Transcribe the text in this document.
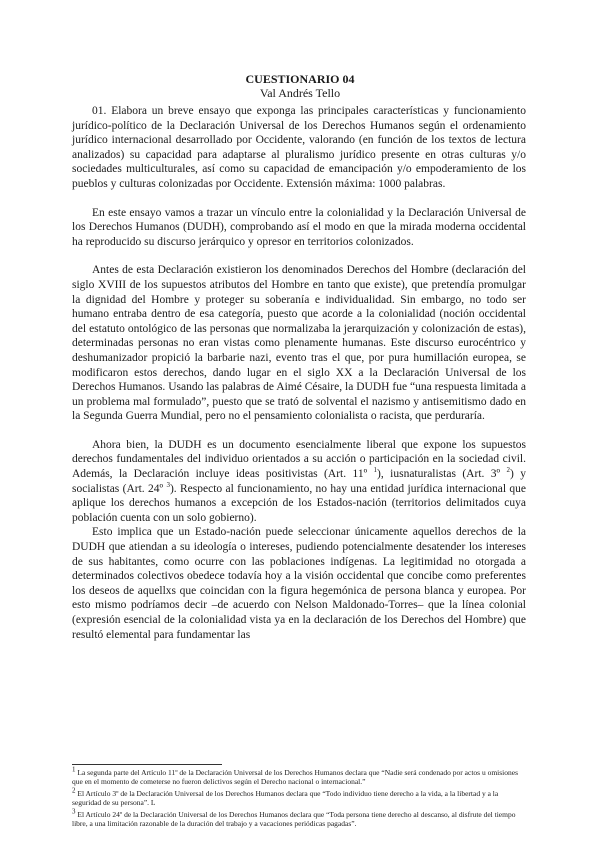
CUESTIONARIO 04
Val Andrés Tello

01. Elabora un breve ensayo que exponga las principales características y funcionamiento jurídico-político de la Declaración Universal de los Derechos Humanos según el ordenamiento jurídico internacional desarrollado por Occidente, valorando (en función de los textos de lectura analizados) su capacidad para adaptarse al pluralismo jurídico presente en otras culturas y/o sociedades multiculturales, así como su capacidad de emancipación y/o empoderamiento de los pueblos y culturas colonizadas por Occidente. Extensión máxima: 1000 palabras.

En este ensayo vamos a trazar un vínculo entre la colonialidad y la Declaración Universal de los Derechos Humanos (DUDH), comprobando así el modo en que la mirada moderna occidental ha reproducido su discurso jerárquico y opresor en territorios colonizados.

Antes de esta Declaración existieron los denominados Derechos del Hombre (declaración del siglo XVIII de los supuestos atributos del Hombre en tanto que existe), que pretendía promulgar la dignidad del Hombre y proteger su soberanía e individualidad. Sin embargo, no todo ser humano entraba dentro de esa categoría, puesto que acorde a la colonialidad (noción occidental del estatuto ontológico de las personas que normalizaba la jerarquización y colonización de estas), determinadas personas no eran vistas como plenamente humanas. Este discurso eurocéntrico y deshumanizador propició la barbarie nazi, evento tras el que, por pura humillación europea, se modificaron estos derechos, dando lugar en el siglo XX a la Declaración Universal de los Derechos Humanos. Usando las palabras de Aimé Césaire, la DUDH fue “una respuesta limitada a un problema mal formulado”, puesto que se trató de solvental el nazismo y antisemitismo dado en la Segunda Guerra Mundial, pero no el pensamiento colonialista o racista, que perduraría.

Ahora bien, la DUDH es un documento esencialmente liberal que expone los supuestos derechos fundamentales del individuo orientados a su acción o participación en la sociedad civil. Además, la Declaración incluye ideas positivistas (Art. 11º $^1$), iusnaturalistas (Art. 3º $^2$) y socialistas (Art. 24º $^3$). Respecto al funcionamiento, no hay una entidad jurídica internacional que aplique los derechos humanos a excepción de los Estados-nación (territorios delimitados cuya población cuenta con un solo gobierno).

Esto implica que un Estado-nación puede seleccionar únicamente aquellos derechos de la DUDH que atiendan a su ideología o intereses, pudiendo potencialmente desatender los intereses de sus habitantes, como ocurre con las poblaciones indígenas. La legitimidad no otorgada a determinados colectivos obedece todavía hoy a la visión occidental que concibe como preferentes los deseos de aquellxs que coincidan con la figura hegemónica de persona blanca y europea. Por esto mismo podríamos decir –de acuerdo con Nelson Maldonado-Torres– que la línea colonial (expresión esencial de la colonialidad vista ya en la declaración de los Derechos del Hombre) que resultó elemental para fundamentar las

$^1$ La segunda parte del Artículo 11º de la Declaración Universal de los Derechos Humanos declara que “Nadie será condenado por actos u omisiones que en el momento de cometerse no fueron delictivos según el Derecho nacional o internacional.”

$^2$ El Artículo 3º de la Declaración Universal de los Derechos Humanos declara que “Todo individuo tiene derecho a la vida, a la libertad y a la seguridad de su persona”. L

$^3$ El Artículo 24º de la Declaración Universal de los Derechos Humanos declara que “Toda persona tiene derecho al descanso, al disfrute del tiempo libre, a una limitación razonable de la duración del trabajo y a vacaciones periódicas pagadas”.
